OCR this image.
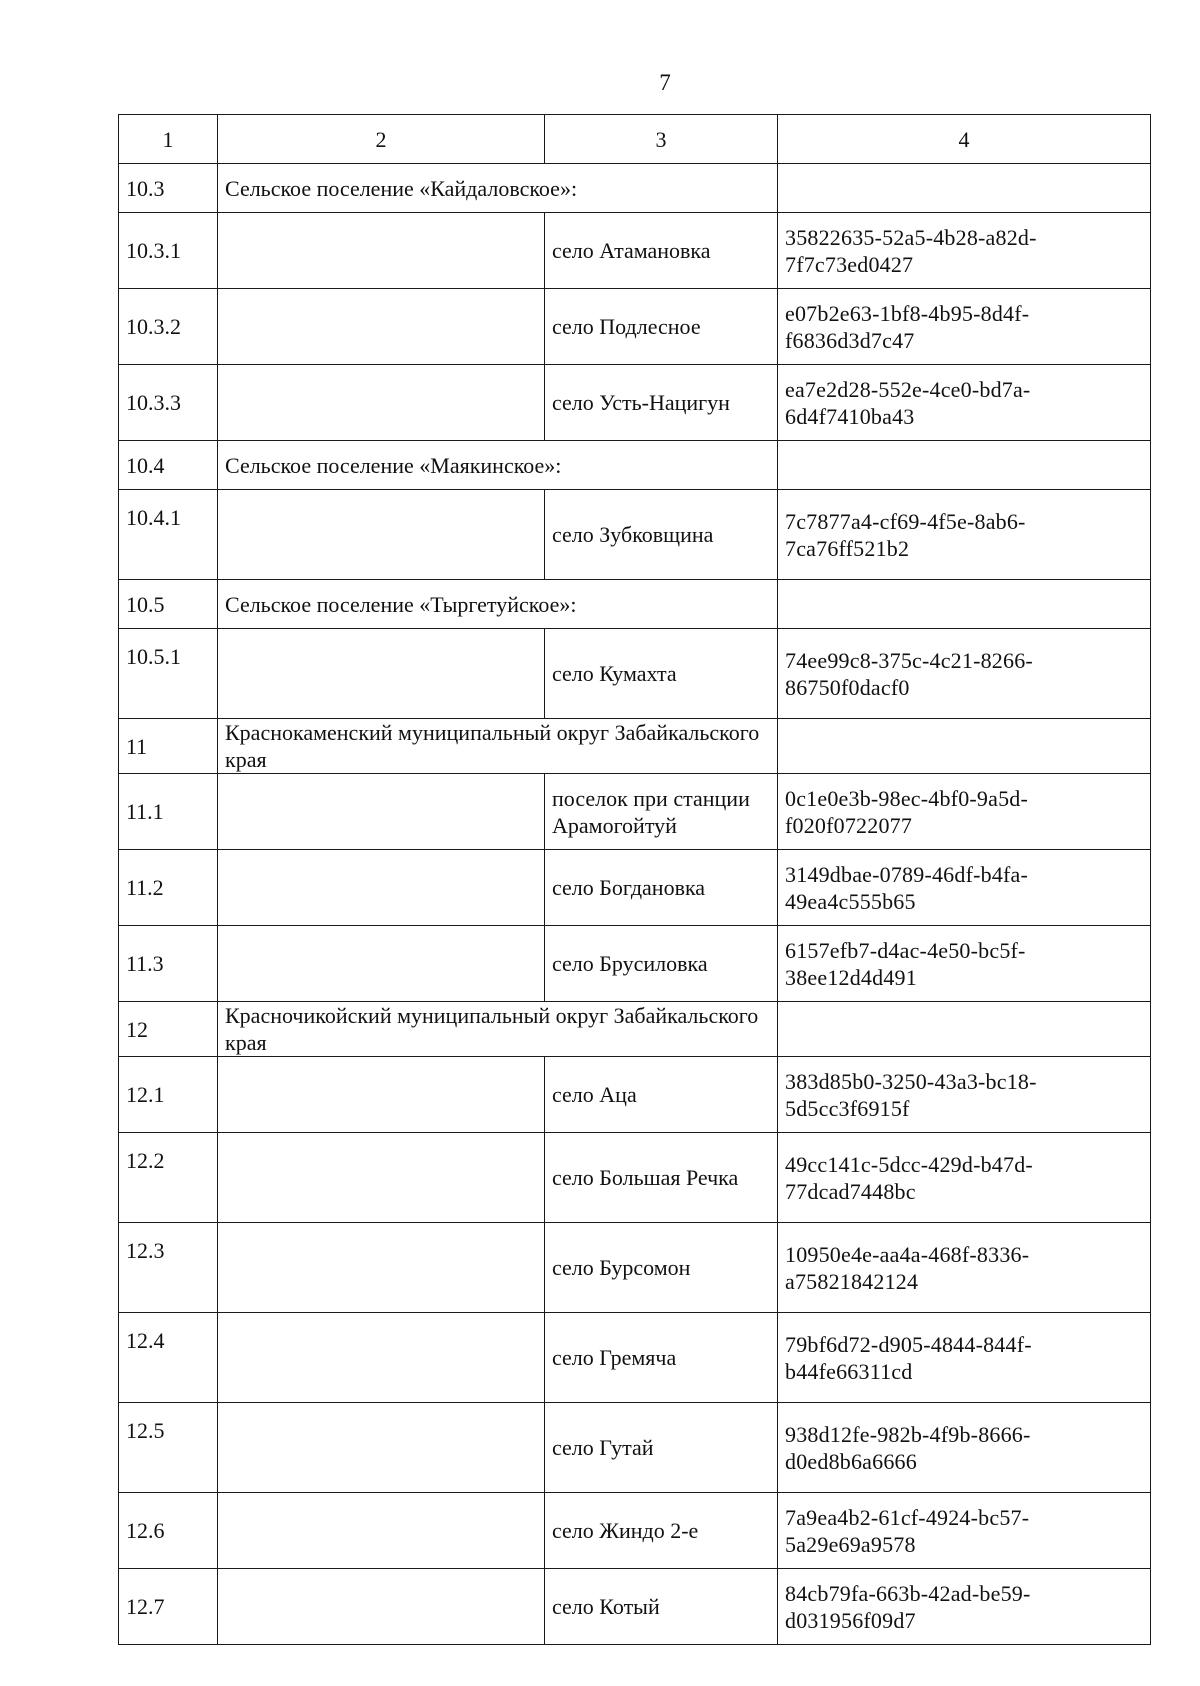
7
1	2	3	4
10.3	Сельское поселение «Кайдаловское»:		
10.3.1		село Атамановка	35822635-52a5-4b28-a82d-7f7c73ed0427
10.3.2		село Подлесное	e07b2e63-1bf8-4b95-8d4f-f6836d3d7c47
10.3.3		село Усть-Нацигун	ea7e2d28-552e-4ce0-bd7a-6d4f7410ba43
10.4	Сельское поселение «Маякинское»:		
10.4.1		село Зубковщина	7c7877a4-cf69-4f5e-8ab6-7ca76ff521b2
10.5	Сельское поселение «Тыргетуйское»:		
10.5.1		село Кумахта	74ee99c8-375c-4c21-8266-86750f0dacf0
11	Краснокаменский муниципальный округ Забайкальского края		
11.1		поселок при станции Арамогойтуй	0c1e0e3b-98ec-4bf0-9a5d-f020f0722077
11.2		село Богдановка	3149dbae-0789-46df-b4fa-49ea4c555b65
11.3		село Брусиловка	6157efb7-d4ac-4e50-bc5f-38ee12d4d491
12	Красночикойский муниципальный округ Забайкальского края		
12.1		село Аца	383d85b0-3250-43a3-bc18-5d5cc3f6915f
12.2		село Большая Речка	49cc141c-5dcc-429d-b47d-77dcad7448bc
12.3		село Бурсомон	10950e4e-aa4a-468f-8336-a75821842124
12.4		село Гремяча	79bf6d72-d905-4844-844f-b44fe66311cd
12.5		село Гутай	938d12fe-982b-4f9b-8666-d0ed8b6a6666
12.6		село Жиндо 2-е	7a9ea4b2-61cf-4924-bc57-5a29e69a9578
12.7		село Котый	84cb79fa-663b-42ad-be59-d031956f09d7
